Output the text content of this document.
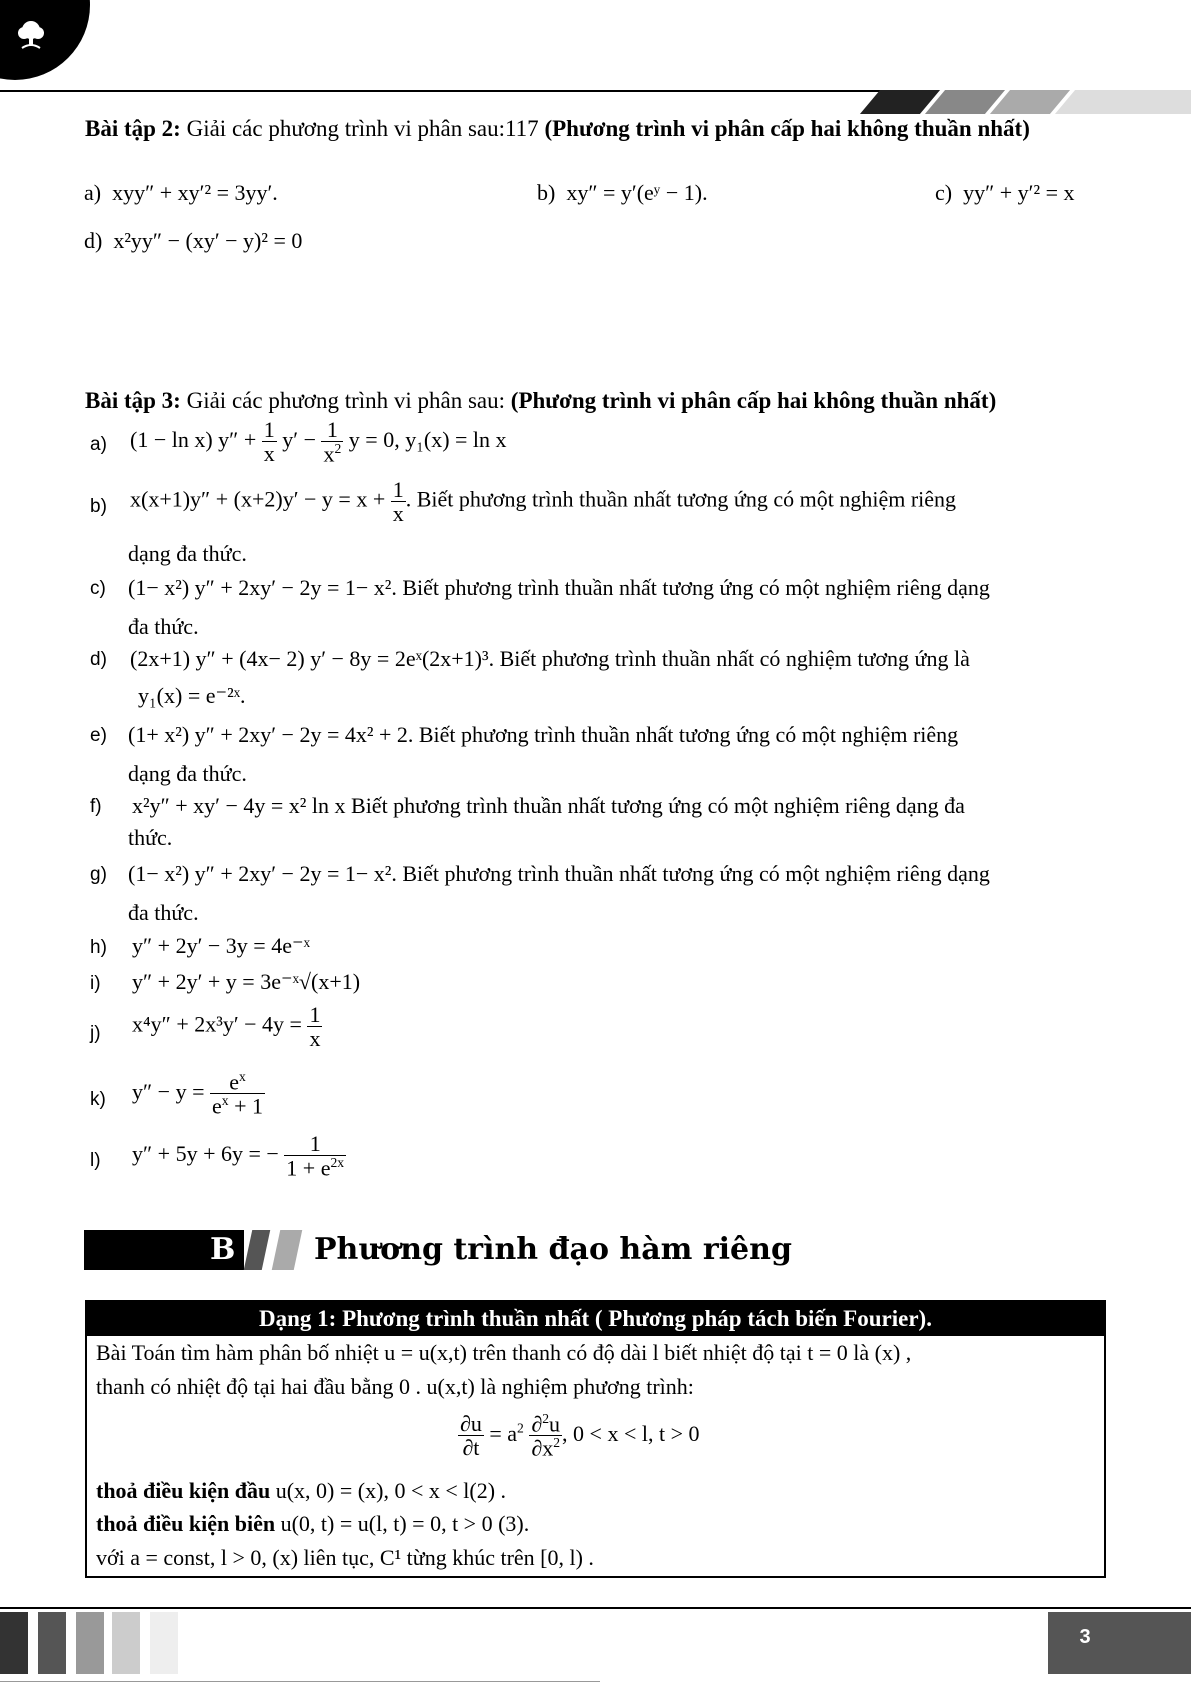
Bài tập 2: Giải các phương trình vi phân sau:117 (Phương trình vi phân cấp hai không thuần nhất)
a) xyy″ + xy′² = 3yy′.	b) xy″ = y′(eʸ − 1).	c) yy″ + y′² = x
d) x²yy″ − (xy′ − y)² = 0
Bài tập 3: Giải các phương trình vi phân sau: (Phương trình vi phân cấp hai không thuần nhất)
a) (1 − ln x) $y'' + \frac{1}{x} y' - \frac{1}{x^2}$ y = 0, y₁(x) = ln x
b) $x(x+1)y'' + (x+2)y' - y = x + \frac{1}{x}$ . Biết phương trình thuần nhất tương ứng có một nghiệm riêng
dạng đa thức.
c) (1− x²) y″ + 2xy′ − 2y = 1− x². Biết phương trình thuần nhất tương ứng có một nghiệm riêng dạng
đa thức.
d) (2x+1) y″ + (4x− 2) y′ − 8y = 2eˣ(2x+1)³. Biết phương trình thuần nhất có nghiệm tương ứng là
y₁(x) = e⁻²ˣ.
e) (1+ x²) y″ + 2xy′ − 2y = 4x² + 2. Biết phương trình thuần nhất tương ứng có một nghiệm riêng
dạng đa thức.
f) x²y″ + xy′ − 4y = x² ln x Biết phương trình thuần nhất tương ứng có một nghiệm riêng dạng đa
thức.
g) (1− x²) y″ + 2xy′ − 2y = 1− x². Biết phương trình thuần nhất tương ứng có một nghiệm riêng dạng
đa thức.
h) y″ + 2y′ − 3y = 4e⁻ˣ
i) y″ + 2y′ + y = 3e⁻ˣ√(x+1)
j) $x^4y'' + 2x^3y' - 4y = \frac{1}{x}$
k) $y'' - y = \frac{e^x}{e^x + 1}$
l) y″ + 5y + 6y = − $\frac{1}{1 + e^{2x}}$
B	Phương trình đạo hàm riêng
Dạng 1: Phương trình thuần nhất ( Phương pháp tách biến Fourier).
Bài Toán tìm hàm phân bố nhiệt u = u(x,t) trên thanh có độ dài l biết nhiệt độ tại t = 0 là (x) ,
thanh có nhiệt độ tại hai đầu bằng 0 . u(x,t) là nghiệm phương trình:
$\frac{\partial u}{\partial t} = a^2 \frac{\partial^2u}{\partial x^2}$ , 0 < x < l, t > 0
thoả điều kiện đầu u(x, 0) = (x), 0 < x < l(2) .
thoả điều kiện biên u(0, t) = u(l, t) = 0, t > 0 (3).
với a = const, l > 0, (x) liên tục, C¹ từng khúc trên [0, l) .
3
